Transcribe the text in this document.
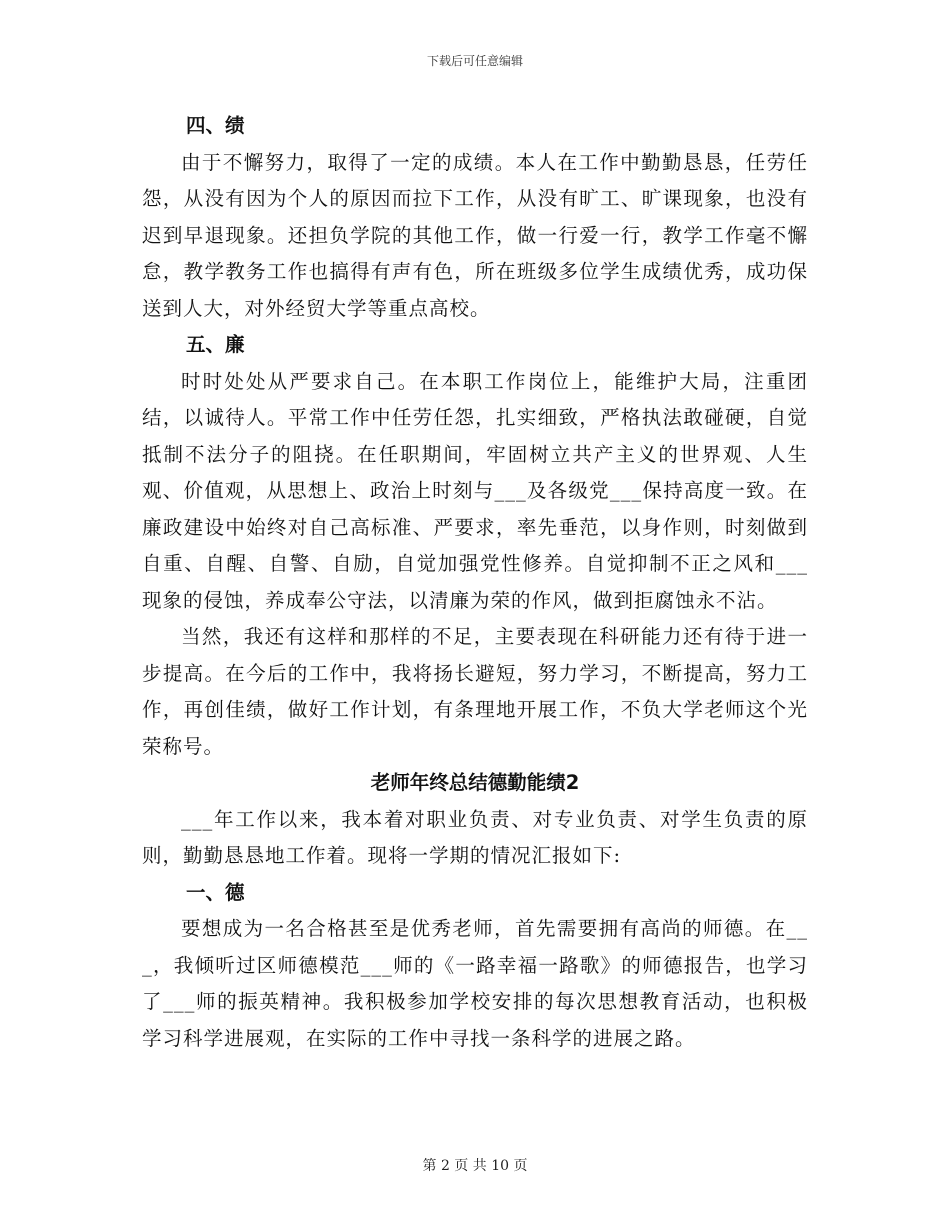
下载后可任意编辑
四、绩

由于不懈努力，取得了一定的成绩。本人在工作中勤勤恳恳，任劳任怨，从没有因为个人的原因而拉下工作，从没有旷工、旷课现象，也没有迟到早退现象。还担负学院的其他工作，做一行爱一行，教学工作毫不懈怠，教学教务工作也搞得有声有色，所在班级多位学生成绩优秀，成功保送到人大，对外经贸大学等重点高校。

五、廉

时时处处从严要求自己。在本职工作岗位上，能维护大局，注重团结，以诚待人。平常工作中任劳任怨，扎实细致，严格执法敢碰硬，自觉抵制不法分子的阻挠。在任职期间，牢固树立共产主义的世界观、人生观、价值观，从思想上、政治上时刻与___及各级党___保持高度一致。在廉政建设中始终对自己高标准、严要求，率先垂范，以身作则，时刻做到自重、自醒、自警、自励，自觉加强党性修养。自觉抑制不正之风和___现象的侵蚀，养成奉公守法，以清廉为荣的作风，做到拒腐蚀永不沾。

当然，我还有这样和那样的不足，主要表现在科研能力还有待于进一步提高。在今后的工作中，我将扬长避短，努力学习，不断提高，努力工作，再创佳绩，做好工作计划，有条理地开展工作，不负大学老师这个光荣称号。

老师年终总结德勤能绩2

___年工作以来，我本着对职业负责、对专业负责、对学生负责的原则，勤勤恳恳地工作着。现将一学期的情况汇报如下:

一、德

要想成为一名合格甚至是优秀老师，首先需要拥有高尚的师德。在___，我倾听过区师德模范___师的《一路幸福一路歌》的师德报告，也学习了___师的振英精神。我积极参加学校安排的每次思想教育活动，也积极学习科学进展观，在实际的工作中寻找一条科学的进展之路。

第 2 页 共 10 页
